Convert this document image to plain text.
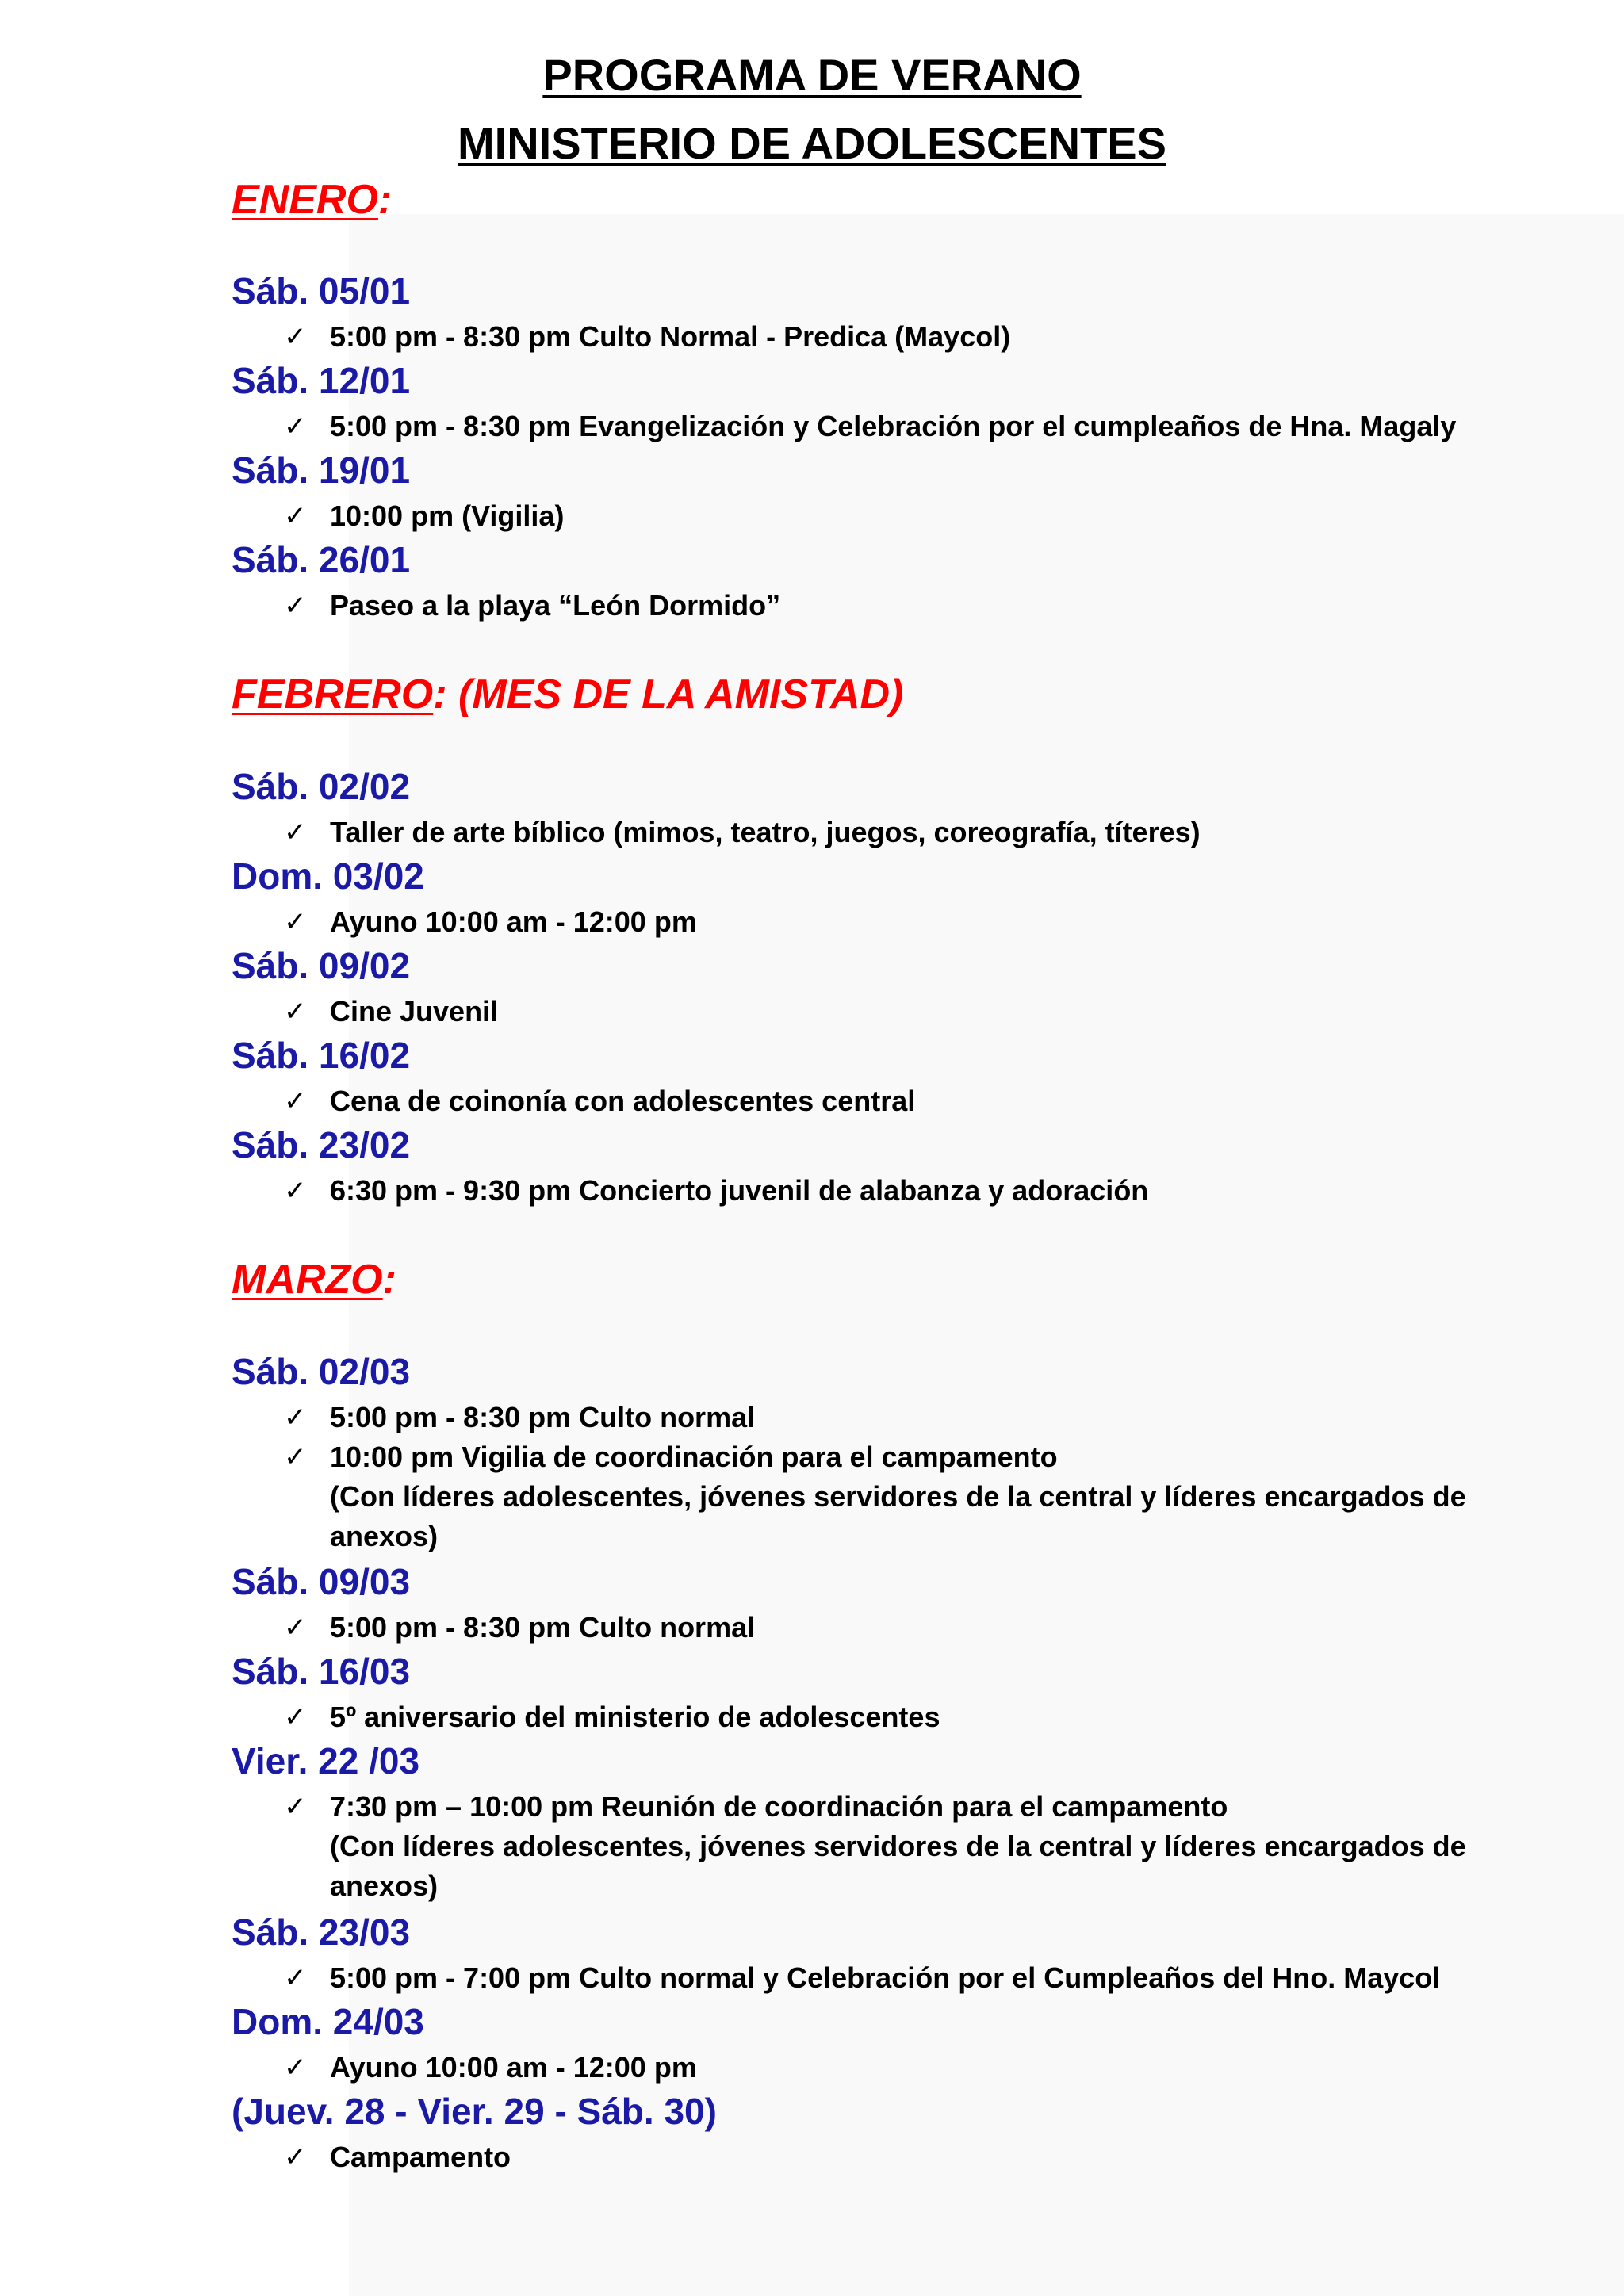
PROGRAMA DE VERANO
MINISTERIO DE ADOLESCENTES
ENERO:
Sáb. 05/01
✓ 5:00 pm - 8:30 pm Culto Normal - Predica (Maycol)
Sáb. 12/01
✓ 5:00 pm - 8:30 pm Evangelización y Celebración por el cumpleaños de Hna. Magaly
Sáb. 19/01
✓ 10:00 pm (Vigilia)
Sáb. 26/01
✓ Paseo a la playa “León Dormido”
FEBRERO: (MES DE LA AMISTAD)
Sáb. 02/02
✓ Taller de arte bíblico (mimos, teatro, juegos, coreografía, títeres)
Dom. 03/02
✓ Ayuno 10:00 am - 12:00 pm
Sáb. 09/02
✓ Cine Juvenil
Sáb. 16/02
✓ Cena de coinonía con adolescentes central
Sáb. 23/02
✓ 6:30 pm - 9:30 pm Concierto juvenil de alabanza y adoración
MARZO:
Sáb. 02/03
✓ 5:00 pm - 8:30 pm Culto normal
✓ 10:00 pm Vigilia de coordinación para el campamento
(Con líderes adolescentes, jóvenes servidores de la central y líderes encargados de
anexos)
Sáb. 09/03
✓ 5:00 pm - 8:30 pm Culto normal
Sáb. 16/03
✓ 5º aniversario del ministerio de adolescentes
Vier. 22 /03
✓ 7:30 pm – 10:00 pm Reunión de coordinación para el campamento
(Con líderes adolescentes, jóvenes servidores de la central y líderes encargados de
anexos)
Sáb. 23/03
✓ 5:00 pm - 7:00 pm Culto normal y Celebración por el Cumpleaños del Hno. Maycol
Dom. 24/03
✓ Ayuno 10:00 am - 12:00 pm
(Juev. 28 - Vier. 29 - Sáb. 30)
✓ Campamento
